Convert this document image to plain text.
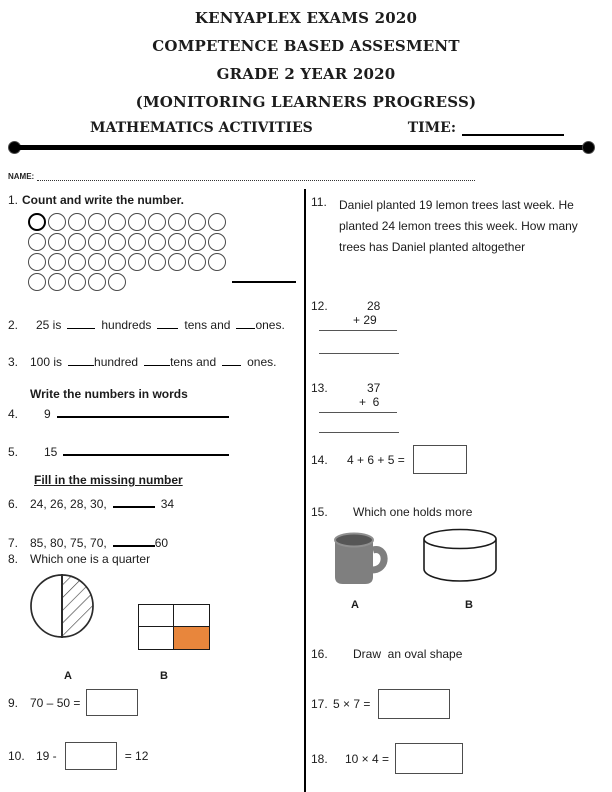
KENYAPLEX EXAMS 2020
COMPETENCE BASED ASSESMENT
GRADE 2 YEAR 2020
(MONITORING LEARNERS PROGRESS)
MATHEMATICS ACTIVITIES	TIME:
NAME:
1. Count and write the number.
2.	25 is	hundreds	tens and ones.
3. 100 is	hundred	tens and	ones.
Write the numbers in words
4.	9
5.	15
Fill in the missing number
6. 24, 26, 28, 30,	34
7. 85, 80, 75, 70,	60
8. Which one is a quarter
A	B
9. 70 – 50 =
10. 19 -	= 12
11.	Daniel planted 19 lemon trees last week. He planted 24 lemon trees this week. How many trees has Daniel planted altogether
12.	28
+ 29
13.	37
+  6
14.	4 + 6 + 5 =
15.	Which one holds more
A	B
16.	Draw  an oval shape
17. 5 × 7 =
18.	10 × 4 =
